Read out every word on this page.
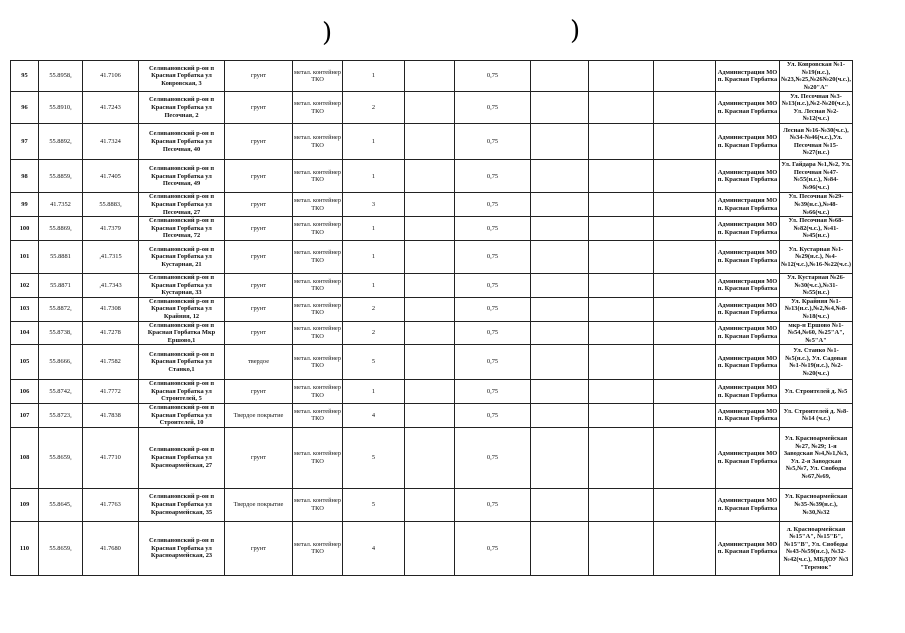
)	)
95	55.8958,	41.7106	Селивановский р-он п Красная Горбатка ул Ковровская, 3	грунт	метал. контейнер ТКО	1		0,75				Администрация МО п. Красная Горбатка	Ул. Ковровская №1-№19(н.с.), №23,№25,№26№20(ч.с.), №20"А"
96	55.8910,	41.7243	Селивановский р-он п Красная Горбатка ул Песочная, 2	грунт	метал. контейнер ТКО	2		0,75				Администрация МО п. Красная Горбатка	Ул. Песочная №3-№13(н.с.),№2-№20(ч.с.), Ул. Лесная №2-№12(ч.с.)
97	55.8892,	41.7324	Селивановский р-он п Красная Горбатка ул Песочная, 40	грунт	метал. контейнер ТКО	1		0,75				Администрация МО п. Красная Горбатка	Лесная №16-№30(ч.с.),№34-№46(ч.с.),Ул. Песочная №15-№27(н.с.)
98	55.8859,	41.7405	Селивановский р-он п Красная Горбатка ул Песочная, 49	грунт	метал. контейнер ТКО	1		0,75				Администрация МО п. Красная Горбатка	Ул. Гайдара №1,№2, Ул. Песочная №47-№55(н.с.), №84-№96(ч.с.)
99	41.7352	55.8883,	Селивановский р-он п Красная Горбатка ул Песочная, 27	грунт	метал. контейнер ТКО	3		0,75				Администрация МО п. Красная Горбатка	Ул. Песочная №29-№39(н.с.),№48-№66(ч.с.)
100	55.8869,	41.7379	Селивановский р-он п Красная Горбатка ул Песочная, 72	грунт	метал. контейнер ТКО	1		0,75				Администрация МО п. Красная Горбатка	Ул. Песочная №68-№82(ч.с.), №41-№45(н.с.)
101	55.8881	,41.7315	Селивановский р-он п Красная Горбатка ул Кустарная, 21	грунт	метал. контейнер ТКО	1		0,75				Администрация МО п. Красная Горбатка	Ул. Кустарная №1-№29(н.с.), №4-№12(ч.с.),№16-№22(ч.с.)
102	55.8871	,41.7343	Селивановский р-он п Красная Горбатка ул Кустарная, 33	грунт	метал. контейнер ТКО	1		0,75				Администрация МО п. Красная Горбатка	Ул. Кустарная №26-№30(ч.с.),№31-№55(н.с.)
103	55.8872,	41.7308	Селивановский р-он п Красная Горбатка ул Крайняя, 12	грунт	метал. контейнер ТКО	2		0,75				Администрация МО п. Красная Горбатка	Ул. Крайняя №1-№13(н.с.),№2,№4,№8-№18(ч.с.)
104	55.8738,	41.7278	Селивановский р-он п Красная Горбатка Мкр Ершово,1	грунт	метал. контейнер ТКО	2		0,75				Администрация МО п. Красная Горбатка	мкр-н Ершово №1-№54,№60, №25"А", №5"А"
105	55.8666,	41.7582	Селивановский р-он п Красная Горбатка ул Станко,1	твердое	метал. контейнер ТКО	5		0,75				Администрация МО п. Красная Горбатка	Ул. Станко №1-№5(н.с.), Ул. Садовая №1-№19(н.с.), №2-№20(ч.с.)
106	55.8742,	41.7772	Селивановский р-он п Красная Горбатка ул Строителей, 5	грунт	метал. контейнер ТКО	1		0,75				Администрация МО п. Красная Горбатка	Ул. Строителей д. №5
107	55.8723,	41.7838	Селивановский р-он п Красная Горбатка ул Строителей, 10	Твердое покрытие	метал. контейнер ТКО	4		0,75				Администрация МО п. Красная Горбатка	Ул. Строителей д. №8-№14 (ч.с.)
108	55.8659,	41.7710	Селивановский р-он п Красная Горбатка ул Красноармейская, 27	грунт	метал. контейнер ТКО	5		0,75				Администрация МО п. Красная Горбатка	Ул. Красноармейская №27, №29; 1-я Заводская №4,№1,№3, Ул. 2-я Заводская №5,№7, Ул. Свободы №67,№69,
109	55.8645,	41.7763	Селивановский р-он п Красная Горбатка ул Красноармейская, 35	Твердое покрытие	метал. контейнер ТКО	5		0,75				Администрация МО п. Красная Горбатка	Ул. Красноармейская №35-№39(н.с.),№30,№32
110	55.8659,	41.7680	Селивановский р-он п Красная Горбатка ул Красноармейская, 23	грунт	метал. контейнер ТКО	4		0,75				Администрация МО п. Красная Горбатка	л. Красноармейская №15"А", №15"Б", №15"В", Ул. Свободы №43-№59(н.с.), №32-№42(ч.с.), МБДОУ №3 "Теремок"
